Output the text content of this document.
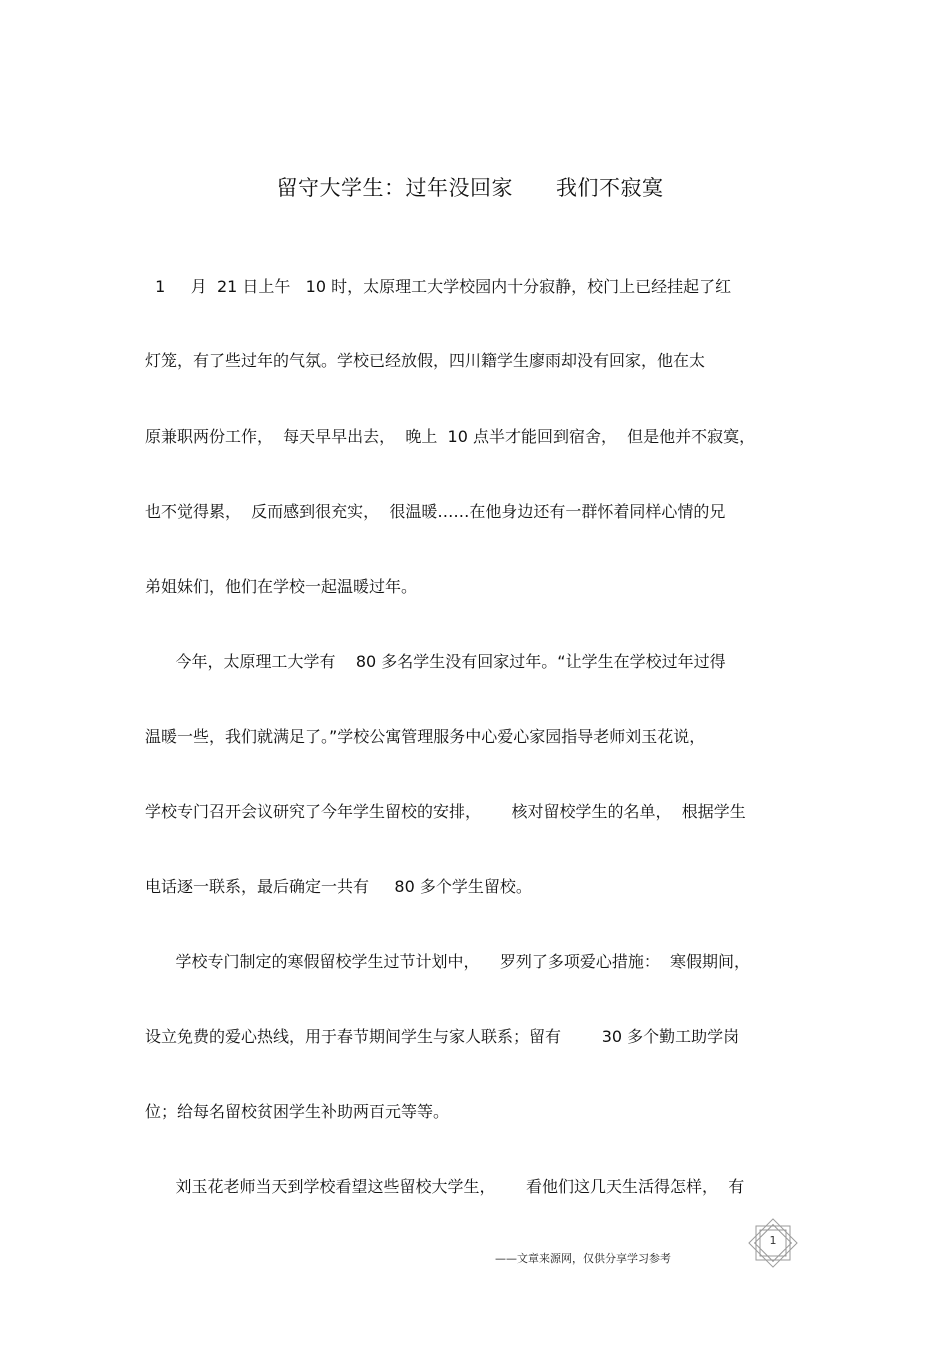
留守大学生：过年没回家      我们不寂寞
1     月  21 日上午   10 时，太原理工大学校园内十分寂静，校门上已经挂起了红
灯笼，有了些过年的气氛。学校已经放假，四川籍学生廖雨却没有回家，他在太
原兼职两份工作，  每天早早出去，  晚上  10 点半才能回到宿舍，  但是他并不寂寞，
也不觉得累，  反而感到很充实，  很温暖……在他身边还有一群怀着同样心情的兄
弟姐妹们，他们在学校一起温暖过年。
今年，太原理工大学有    80 多名学生没有回家过年。“让学生在学校过年过得
温暖一些，我们就满足了。”学校公寓管理服务中心爱心家园指导老师刘玉花说，
学校专门召开会议研究了今年学生留校的安排，      核对留校学生的名单，  根据学生
电话逐一联系，最后确定一共有     80 多个学生留校。
学校专门制定的寒假留校学生过节计划中，    罗列了多项爱心措施：  寒假期间，
设立免费的爱心热线，用于春节期间学生与家人联系；留有        30 多个勤工助学岗
位；给每名留校贫困学生补助两百元等等。
刘玉花老师当天到学校看望这些留校大学生，      看他们这几天生活得怎样，  有
1
——文章来源网，仅供分享学习参考
